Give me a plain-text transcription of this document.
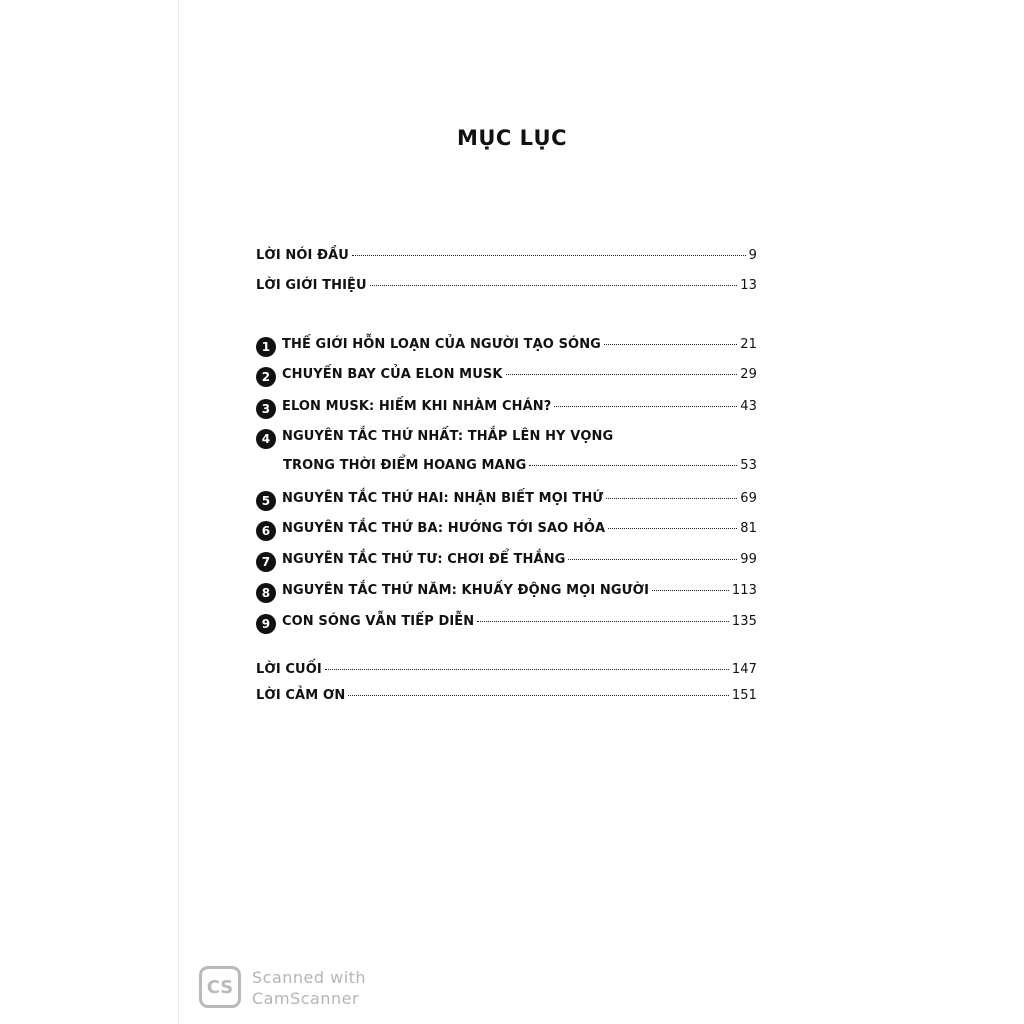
MỤC LỤC
LỜI NÓI ĐẦU	9
LỜI GIỚI THIỆU	13
1 THẾ GIỚI HỖN LOẠN CỦA NGƯỜI TẠO SÓNG	21
2 CHUYẾN BAY CỦA ELON MUSK	29
3 ELON MUSK: HIẾM KHI NHÀM CHÁN?	43
4 NGUYÊN TẮC THỨ NHẤT: THẮP LÊN HY VỌNG
TRONG THỜI ĐIỂM HOANG MANG	53
5 NGUYÊN TẮC THỨ HAI: NHẬN BIẾT MỌI THỨ	69
6 NGUYÊN TẮC THỨ BA: HƯỚNG TỚI SAO HỎA	81
7 NGUYÊN TẮC THỨ TƯ: CHƠI ĐỂ THẮNG	99
8 NGUYÊN TẮC THỨ NĂM: KHUẤY ĐỘNG MỌI NGƯỜI	113
9 CON SÓNG VẪN TIẾP DIỄN	135
LỜI CUỐI	147
LỜI CẢM ƠN	151
CS	Scanned with
CamScanner
